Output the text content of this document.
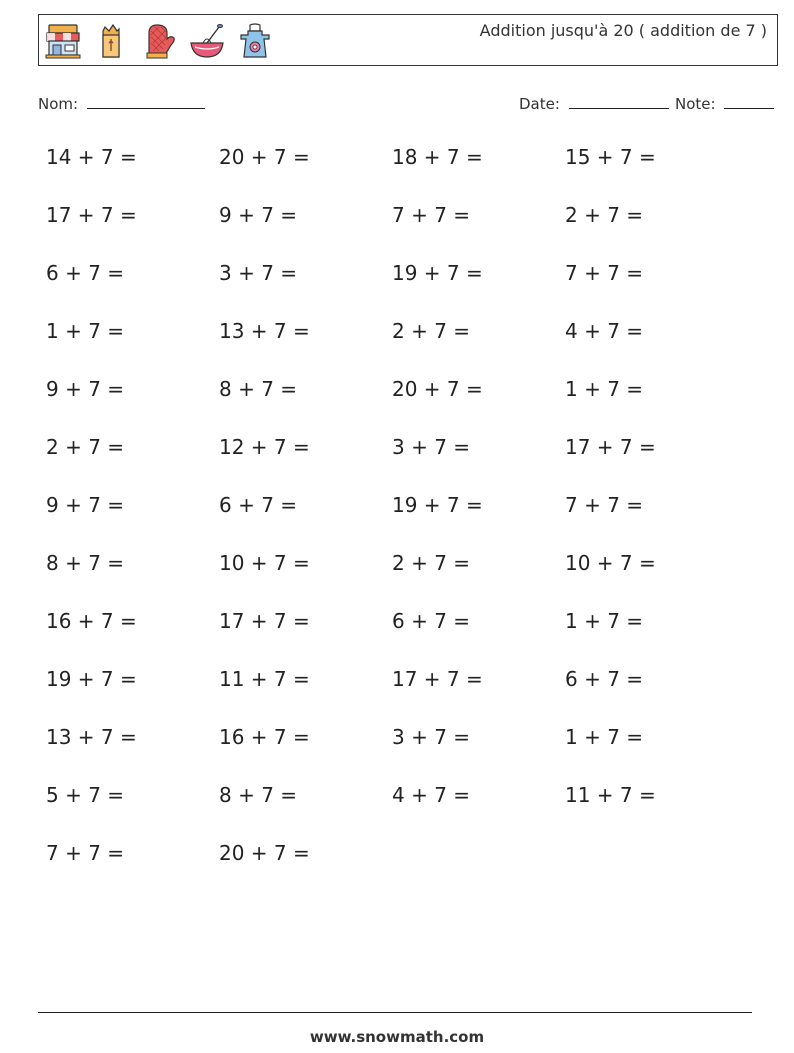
Addition jusqu'à 20 ( addition de 7 )
Nom:	Date:	Note:
14 + 7 =	20 + 7 =	18 + 7 =	15 + 7 =
17 + 7 =	9 + 7 =	7 + 7 =	2 + 7 =
6 + 7 =	3 + 7 =	19 + 7 =	7 + 7 =
1 + 7 =	13 + 7 =	2 + 7 =	4 + 7 =
9 + 7 =	8 + 7 =	20 + 7 =	1 + 7 =
2 + 7 =	12 + 7 =	3 + 7 =	17 + 7 =
9 + 7 =	6 + 7 =	19 + 7 =	7 + 7 =
8 + 7 =	10 + 7 =	2 + 7 =	10 + 7 =
16 + 7 =	17 + 7 =	6 + 7 =	1 + 7 =
19 + 7 =	11 + 7 =	17 + 7 =	6 + 7 =
13 + 7 =	16 + 7 =	3 + 7 =	1 + 7 =
5 + 7 =	8 + 7 =	4 + 7 =	11 + 7 =
7 + 7 =	20 + 7 =
www.snowmath.com
